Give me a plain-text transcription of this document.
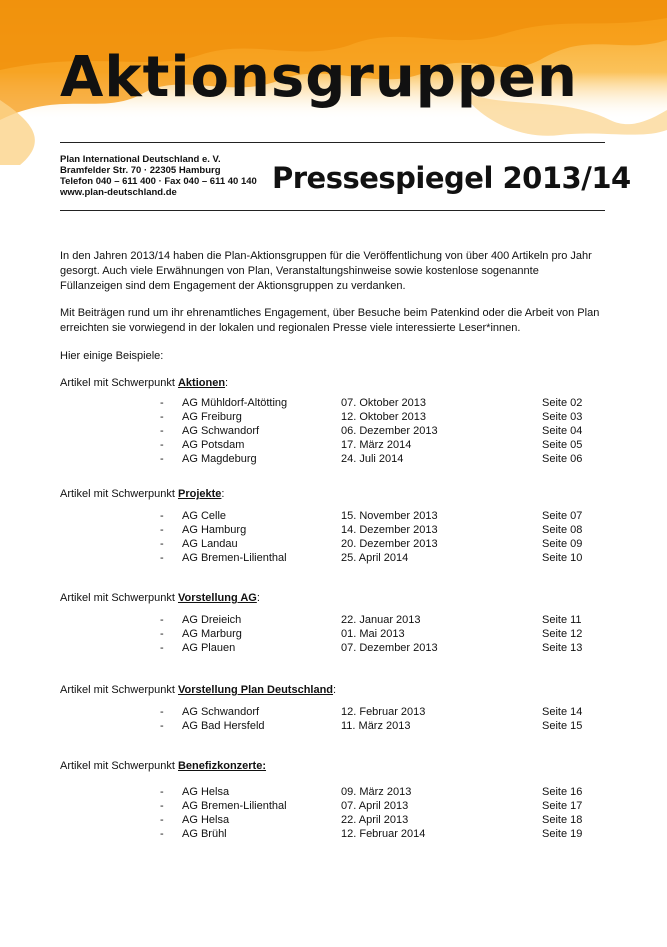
Aktionsgruppen
Plan International Deutschland e. V.
Bramfelder Str. 70 · 22305 Hamburg
Telefon 040 – 611 400 · Fax 040 – 611 40 140
www.plan-deutschland.de	Pressespiegel 2013/14
In den Jahren 2013/14 haben die Plan-Aktionsgruppen für die Veröffentlichung von über 400 Artikeln pro Jahr gesorgt. Auch viele Erwähnungen von Plan, Veranstaltungshinweise sowie kostenlose sogenannte Füllanzeigen sind dem Engagement der Aktionsgruppen zu verdanken.
Mit Beiträgen rund um ihr ehrenamtliches Engagement, über Besuche beim Patenkind oder die Arbeit von Plan erreichten sie vorwiegend in der lokalen und regionalen Presse viele interessierte Leser*innen.
Hier einige Beispiele:
Artikel mit Schwerpunkt Aktionen:
- AG Mühldorf-Altötting	07. Oktober 2013	Seite 02
- AG Freiburg	12. Oktober 2013	Seite 03
- AG Schwandorf	06. Dezember 2013	Seite 04
- AG Potsdam	17. März 2014	Seite 05
- AG Magdeburg	24. Juli 2014	Seite 06
Artikel mit Schwerpunkt Projekte:
- AG Celle	15. November 2013	Seite 07
- AG Hamburg	14. Dezember 2013	Seite 08
- AG Landau	20. Dezember 2013	Seite 09
- AG Bremen-Lilienthal	25. April 2014	Seite 10
Artikel mit Schwerpunkt Vorstellung AG:
- AG Dreieich	22. Januar 2013	Seite 11
- AG Marburg	01. Mai 2013	Seite 12
- AG Plauen	07. Dezember 2013	Seite 13
Artikel mit Schwerpunkt Vorstellung Plan Deutschland:
- AG Schwandorf	12. Februar 2013	Seite 14
- AG Bad Hersfeld	11. März 2013	Seite 15
Artikel mit Schwerpunkt Benefizkonzerte:
- AG Helsa	09. März 2013	Seite 16
- AG Bremen-Lilienthal	07. April 2013	Seite 17
- AG Helsa	22. April 2013	Seite 18
- AG Brühl	12. Februar 2014	Seite 19
